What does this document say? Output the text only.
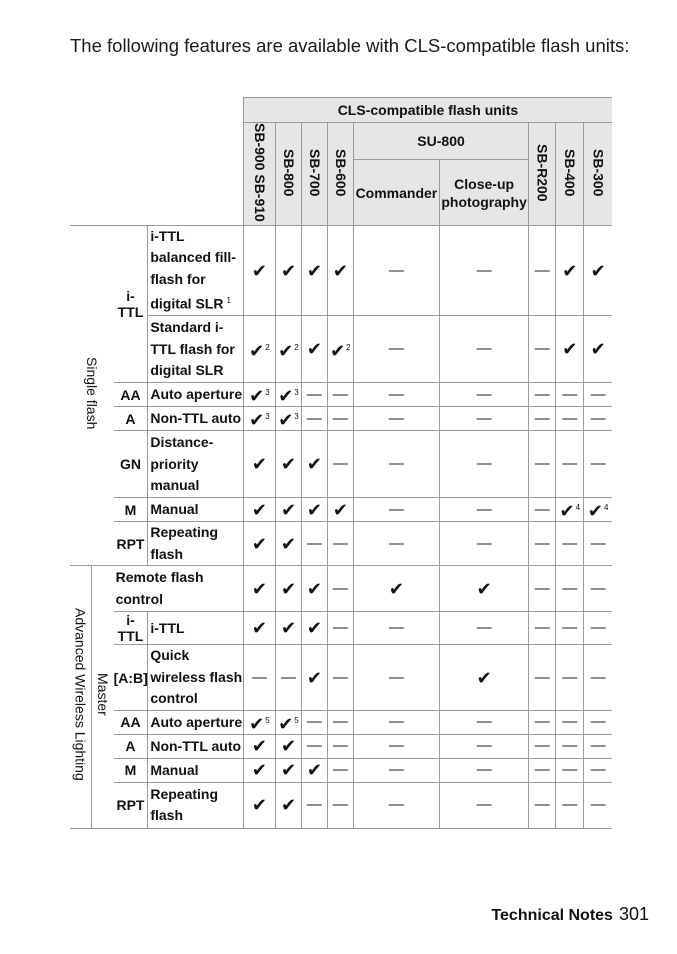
The following features are available with CLS-compatible flash units:
				CLS-compatible flash units								
				SB-900 SB-910	SB-800	SB-700	SB-600	SU-800		SB-R200	SB-400	SB-300
								Commander	Close-up photography			
Single flash		i-TTL	i-TTL balanced fill-flash for digital SLR $^1$	✔	✔	✔	✔	—	—	—	✔	✔
			Standard i-TTL flash for digital SLR	✔$^2$	✔$^2$	✔	✔$^2$	—	—	—	✔	✔
		AA	Auto aperture	✔$^3$	✔$^3$	—	—	—	—	—	—	—
		A	Non-TTL auto	✔$^3$	✔$^3$	—	—	—	—	—	—	—
		GN	Distance-priority manual	✔	✔	✔	—	—	—	—	—	—
		M	Manual	✔	✔	✔	✔	—	—	—	✔$^4$	✔$^4$
		RPT	Repeating flash	✔	✔	—	—	—	—	—	—	—
Advanced Wireless Lighting	Master	Remote flash control		✔	✔	✔	—	✔	✔	—	—	—
		i-TTL	i-TTL	✔	✔	✔	—	—	—	—	—	—
		[A:B]	Quick wireless flash control	—	—	✔	—	—	✔	—	—	—
		AA	Auto aperture	✔$^5$	✔$^5$	—	—	—	—	—	—	—
		A	Non-TTL auto	✔	✔	—	—	—	—	—	—	—
		M	Manual	✔	✔	✔	—	—	—	—	—	—
		RPT	Repeating flash	✔	✔	—	—	—	—	—	—	—
Technical Notes 301
